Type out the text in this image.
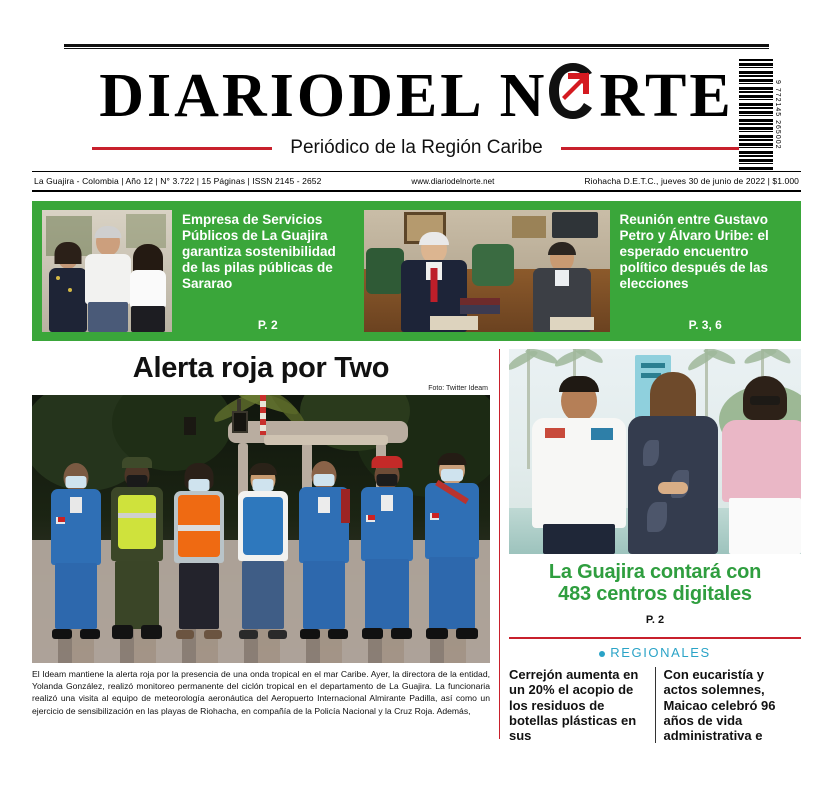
DIARI O DEL N RTE	9 772145 265002
Periódico de la Región Caribe
La Guajira - Colombia | Año 12 | N° 3.722 | 15 Páginas | ISSN 2145 - 2652	www.diariodelnorte.net	Riohacha D.E.T.C., jueves 30 de junio de 2022 | $1.000
Empresa de Servicios Públicos de La Guajira garantiza sostenibilidad de las pilas públicas de Sararao
P. 2
Reunión entre Gustavo Petro y Álvaro Uribe: el esperado encuentro político después de las elecciones
P. 3, 6
Alerta roja por Two
Foto: Twitter Ideam
El Ideam mantiene la alerta roja por la presencia de una onda tropical en el mar Caribe. Ayer, la directora de la entidad, Yolanda González, realizó monitoreo permanente del ciclón tropical en el departamento de La Guajira. La funcionaria realizó una visita al equipo de meteorología aeronáutica del Aeropuerto Internacional Almirante Padilla, así como un ejercicio de sensibilización en las playas de Riohacha, en compañía de la Policía Nacional y la Cruz Roja. Además,
La Guajira contará con
483 centros digitales
P. 2
REGIONALES
Cerrejón aumenta en un 20% el acopio de los residuos de botellas plásticas en sus
Con eucaristía y actos solemnes, Maicao celebró 96 años de vida administrativa e
